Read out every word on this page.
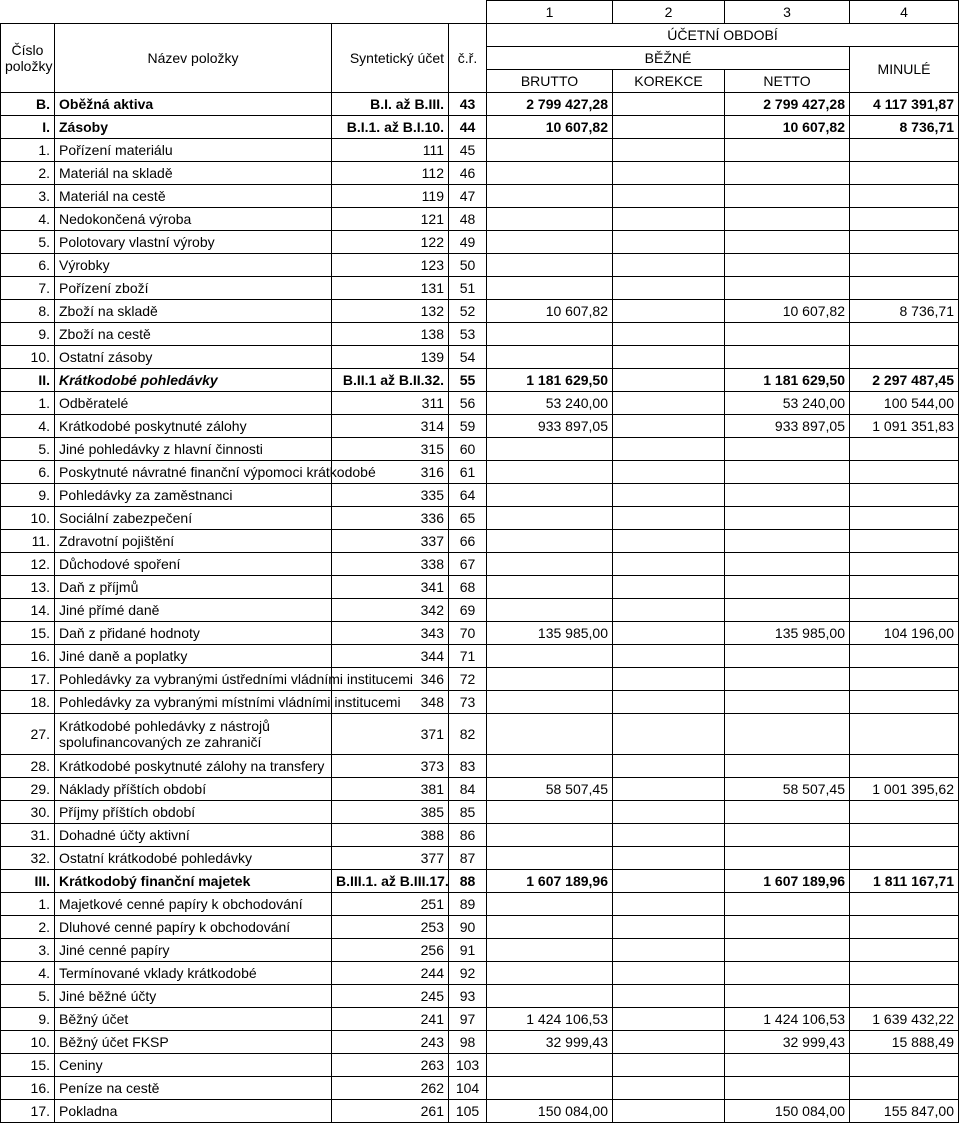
				1	2	3	4
Číslo položky	Název položky	Syntetický účet	č.ř.	ÚČETNÍ OBDOBÍ			
				BĚŽNÉ			MINULÉ
				BRUTTO	KOREKCE	NETTO	
B.	Oběžná aktiva	B.I. až B.III.	43	2 799 427,28		2 799 427,28	4 117 391,87
I.	Zásoby	B.I.1. až B.I.10.	44	10 607,82		10 607,82	8 736,71
1.	Pořízení materiálu	111	45				
2.	Materiál na skladě	112	46				
3.	Materiál na cestě	119	47				
4.	Nedokončená výroba	121	48				
5.	Polotovary vlastní výroby	122	49				
6.	Výrobky	123	50				
7.	Pořízení zboží	131	51				
8.	Zboží na skladě	132	52	10 607,82		10 607,82	8 736,71
9.	Zboží na cestě	138	53				
10.	Ostatní zásoby	139	54				
II.	Krátkodobé pohledávky	B.II.1 až B.II.32.	55	1 181 629,50		1 181 629,50	2 297 487,45
1.	Odběratelé	311	56	53 240,00		53 240,00	100 544,00
4.	Krátkodobé poskytnuté zálohy	314	59	933 897,05		933 897,05	1 091 351,83
5.	Jiné pohledávky z hlavní činnosti	315	60				
6.	Poskytnuté návratné finanční výpomoci krátkodobé	316	61				
9.	Pohledávky za zaměstnanci	335	64				
10.	Sociální zabezpečení	336	65				
11.	Zdravotní pojištění	337	66				
12.	Důchodové spoření	338	67				
13.	Daň z příjmů	341	68				
14.	Jiné přímé daně	342	69				
15.	Daň z přidané hodnoty	343	70	135 985,00		135 985,00	104 196,00
16.	Jiné daně a poplatky	344	71				
17.	Pohledávky za vybranými ústředními vládními institucemi	346	72				
18.	Pohledávky za vybranými místními vládními institucemi	348	73				
27.	Krátkodobé pohledávky z nástrojů spolufinancovaných ze zahraničí	371	82				
28.	Krátkodobé poskytnuté zálohy na transfery	373	83				
29.	Náklady příštích období	381	84	58 507,45		58 507,45	1 001 395,62
30.	Příjmy příštích období	385	85				
31.	Dohadné účty aktivní	388	86				
32.	Ostatní krátkodobé pohledávky	377	87				
III.	Krátkodobý finanční majetek	B.III.1. až B.III.17.	88	1 607 189,96		1 607 189,96	1 811 167,71
1.	Majetkové cenné papíry k obchodování	251	89				
2.	Dluhové cenné papíry k obchodování	253	90				
3.	Jiné cenné papíry	256	91				
4.	Termínované vklady krátkodobé	244	92				
5.	Jiné běžné účty	245	93				
9.	Běžný účet	241	97	1 424 106,53		1 424 106,53	1 639 432,22
10.	Běžný účet FKSP	243	98	32 999,43		32 999,43	15 888,49
15.	Ceniny	263	103				
16.	Peníze na cestě	262	104				
17.	Pokladna	261	105	150 084,00		150 084,00	155 847,00
